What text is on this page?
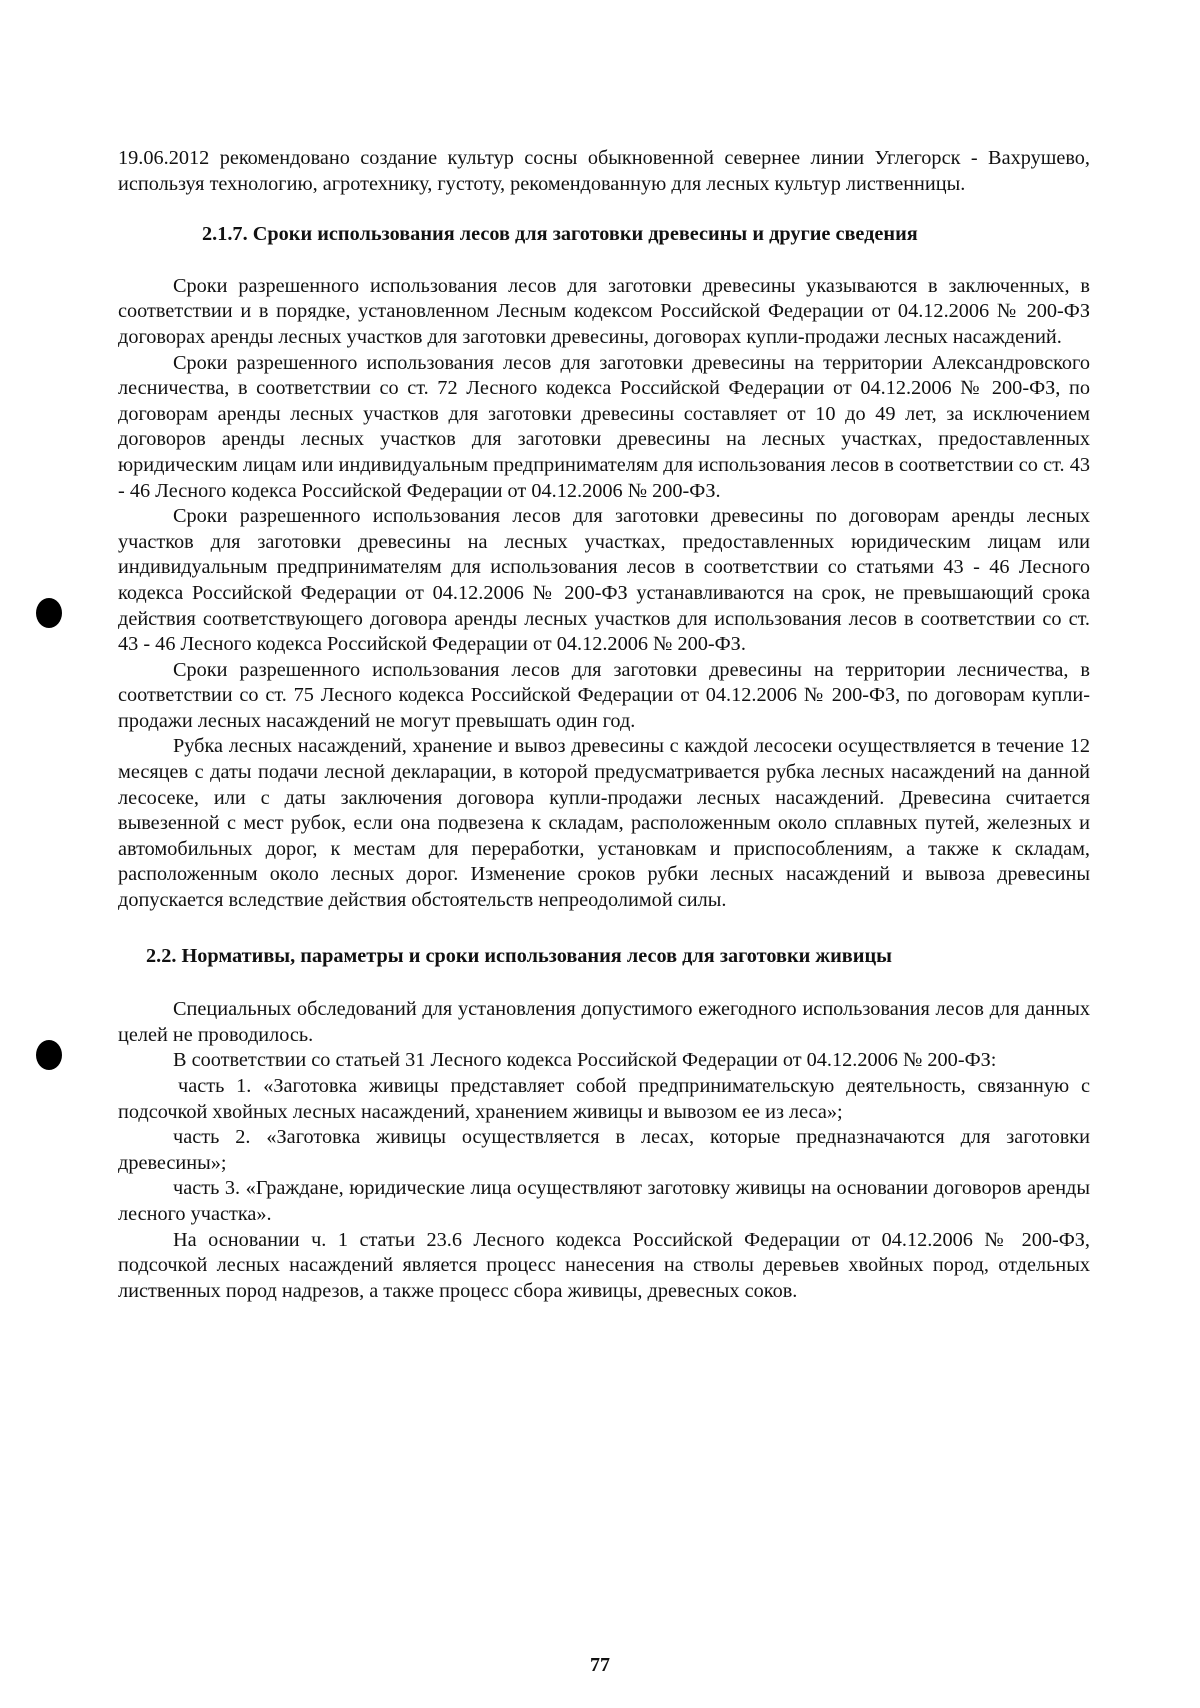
19.06.2012 рекомендовано создание культур сосны обыкновенной севернее линии Углегорск - Вахрушево, используя технологию, агротехнику, густоту, рекомендованную для лесных культур лиственницы.

2.1.7. Сроки использования лесов для заготовки древесины и другие сведения

Сроки разрешенного использования лесов для заготовки древесины указываются в заключенных, в соответствии и в порядке, установленном Лесным кодексом Российской Федерации от 04.12.2006 № 200-ФЗ договорах аренды лесных участков для заготовки древесины, договорах купли-продажи лесных насаждений.

Сроки разрешенного использования лесов для заготовки древесины на территории Александровского лесничества, в соответствии со ст. 72 Лесного кодекса Российской Федерации от 04.12.2006 № 200-ФЗ, по договорам аренды лесных участков для заготовки древесины составляет от 10 до 49 лет, за исключением договоров аренды лесных участков для заготовки древесины на лесных участках, предоставленных юридическим лицам или индивидуальным предпринимателям для использования лесов в соответствии со ст. 43 - 46 Лесного кодекса Российской Федерации от 04.12.2006 № 200-ФЗ.

Сроки разрешенного использования лесов для заготовки древесины по договорам аренды лесных участков для заготовки древесины на лесных участках, предоставленных юридическим лицам или индивидуальным предпринимателям для использования лесов в соответствии со статьями 43 - 46 Лесного кодекса Российской Федерации от 04.12.2006 № 200-ФЗ устанавливаются на срок, не превышающий срока действия соответствующего договора аренды лесных участков для использования лесов в соответствии со ст. 43 - 46 Лесного кодекса Российской Федерации от 04.12.2006 № 200-ФЗ.

Сроки разрешенного использования лесов для заготовки древесины на территории лесничества, в соответствии со ст. 75 Лесного кодекса Российской Федерации от 04.12.2006 № 200-ФЗ, по договорам купли-продажи лесных насаждений не могут превышать один год.

Рубка лесных насаждений, хранение и вывоз древесины с каждой лесосеки осуществляется в течение 12 месяцев с даты подачи лесной декларации, в которой предусматривается рубка лесных насаждений на данной лесосеке, или с даты заключения договора купли-продажи лесных насаждений. Древесина считается вывезенной с мест рубок, если она подвезена к складам, расположенным около сплавных путей, железных и автомобильных дорог, к местам для переработки, установкам и приспособлениям, а также к складам, расположенным около лесных дорог. Изменение сроков рубки лесных насаждений и вывоза древесины допускается вследствие действия обстоятельств непреодолимой силы.

2.2. Нормативы, параметры и сроки использования лесов для заготовки живицы

Специальных обследований для установления допустимого ежегодного использования лесов для данных целей не проводилось.

В соответствии со статьей 31 Лесного кодекса Российской Федерации от 04.12.2006 № 200-ФЗ:

часть 1. «Заготовка живицы представляет собой предпринимательскую деятельность, связанную с подсочкой хвойных лесных насаждений, хранением живицы и вывозом ее из леса»;

часть 2. «Заготовка живицы осуществляется в лесах, которые предназначаются для заготовки древесины»;

часть 3. «Граждане, юридические лица осуществляют заготовку живицы на основании договоров аренды лесного участка».

На основании ч. 1 статьи 23.6 Лесного кодекса Российской Федерации от 04.12.2006 № 200-ФЗ, подсочкой лесных насаждений является процесс нанесения на стволы деревьев хвойных пород, отдельных лиственных пород надрезов, а также процесс сбора живицы, древесных соков.

77
